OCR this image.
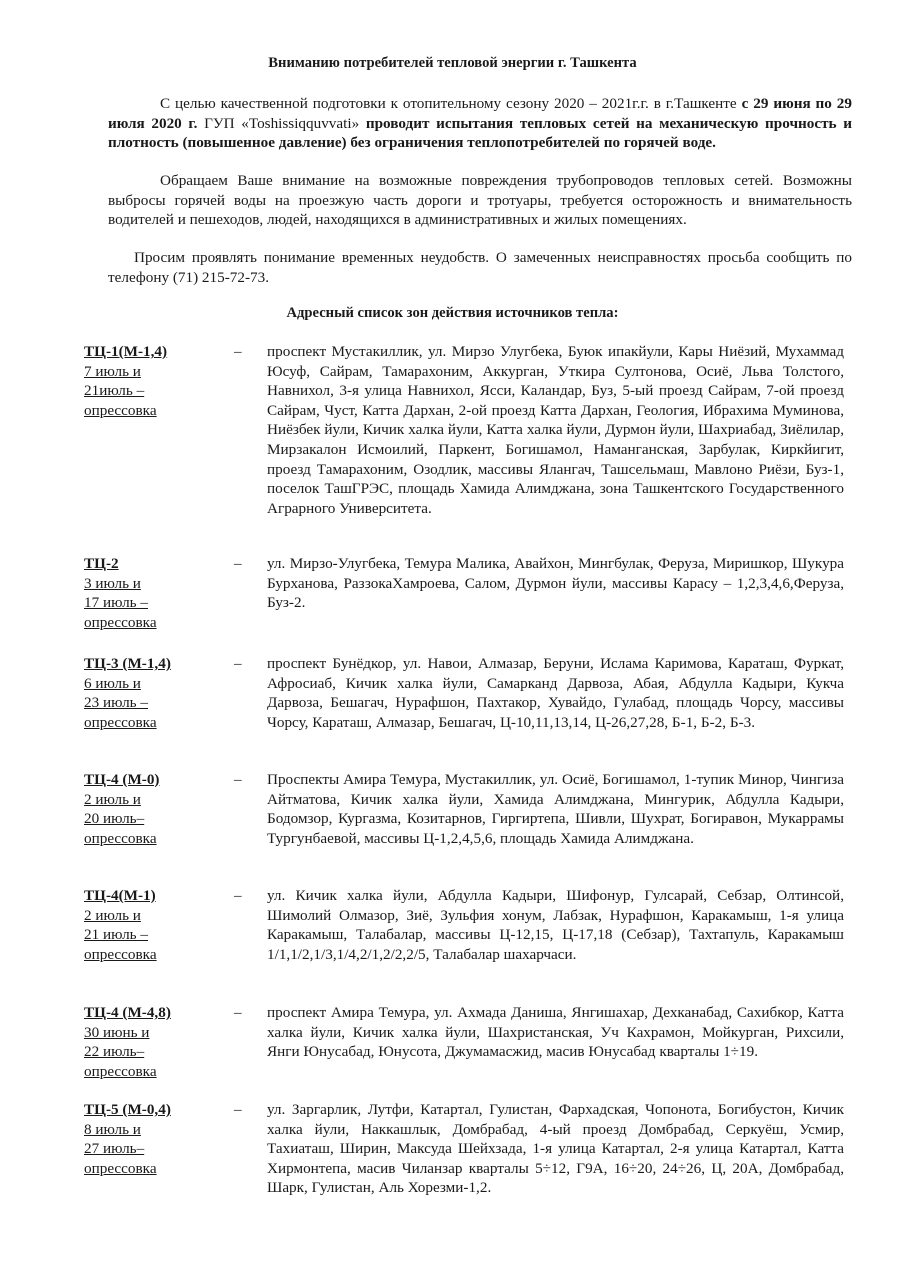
Вниманию потребителей тепловой энергии г. Ташкента

С целью качественной подготовки к отопительному сезону 2020 – 2021г.г. в г.Ташкенте с 29 июня по 29 июля 2020 г. ГУП «Toshissiqquvvati» проводит испытания тепловых сетей на механическую прочность и плотность (повышенное давление) без ограничения теплопотребителей по горячей воде.

Обращаем Ваше внимание на возможные повреждения трубопроводов тепловых сетей. Возможны выбросы горячей воды на проезжую часть дороги и тротуары, требуется осторожность и внимательность водителей и пешеходов, людей, находящихся в административных и жилых помещениях.

Просим проявлять понимание временных неудобств. О замеченных неисправностях просьба сообщить по телефону (71) 215-72-73.

Адресный список зон действия источников тепла:
ТЦ-1(М-1,4)
7 июль и
21июль –
опрессовка
– проспект Мустакиллик, ул. Мирзо Улугбека, Буюк ипакйули, Кары Ниёзий, Мухаммад Юсуф, Сайрам, Тамарахоним, Аккурган, Уткира Султонова, Осиё, Льва Толстого, Навнихол, 3-я улица Навнихол, Ясси, Каландар, Буз, 5-ый проезд Сайрам, 7-ой проезд Сайрам, Чуст, Катта Дархан, 2-ой проезд Катта Дархан, Геология, Ибрахима Муминова, Ниёзбек йули, Кичик халка йули, Катта халка йули, Дурмон йули, Шахриабад, Зиёлилар, Мирзакалон Исмоилий, Паркент, Богишамол, Наманганская, Зарбулак, Киркйигит, проезд Тамарахоним, Озодлик, массивы Ялангач, Ташсельмаш, Мавлоно Риёзи, Буз-1, поселок ТашГРЭС, площадь Хамида Алимджана, зона Ташкентского Государственного Аграрного Университета.
ТЦ-2
3 июль и
17 июль –
опрессовка
– ул. Мирзо-Улугбека, Темура Малика, Авайхон, Мингбулак, Феруза, Миришкор, Шукура Бурханова, РаззокаХамроева, Салом, Дурмон йули, массивы Карасу – 1,2,3,4,6,Феруза, Буз-2.
ТЦ-3 (М-1,4)
6 июль и
23 июль –
опрессовка
– проспект Бунёдкор, ул. Навои, Алмазар, Беруни, Ислама Каримова, Караташ, Фуркат, Афросиаб, Кичик халка йули, Самарканд Дарвоза, Абая, Абдулла Кадыри, Кукча Дарвоза, Бешагач, Нурафшон, Пахтакор, Хувайдо, Гулабад, площадь Чорсу, массивы Чорсу, Караташ, Алмазар, Бешагач, Ц-10,11,13,14, Ц-26,27,28, Б-1, Б-2, Б-3.
ТЦ-4 (М-0)
2 июль и
20 июль–
опрессовка
– Проспекты Амира Темура, Мустакиллик, ул. Осиё, Богишамол, 1-тупик Минор, Чингиза Айтматова, Кичик халка йули, Хамида Алимджана, Мингурик, Абдулла Кадыри, Бодомзор, Кургазма, Козитарнов, Гиргиртепа, Шивли, Шухрат, Богиравон, Мукаррамы Тургунбаевой, массивы Ц-1,2,4,5,6, площадь Хамида Алимджана.
ТЦ-4(М-1)
2 июль и
21 июль –
опрессовка
– ул. Кичик халка йули, Абдулла Кадыри, Шифонур, Гулсарай, Себзар, Олтинсой, Шимолий Олмазор, Зиё, Зульфия хонум, Лабзак, Нурафшон, Каракамыш, 1-я улица Каракамыш, Талабалар, массивы Ц-12,15, Ц-17,18 (Себзар), Тахтапуль, Каракамыш 1/1,1/2,1/3,1/4,2/1,2/2,2/5, Талабалар шахарчаси.
ТЦ-4 (М-4,8)
30 июнь и
22 июль–
опрессовка
– проспект Амира Темура, ул. Ахмада Даниша, Янгишахар, Дехканабад, Сахибкор, Катта халка йули, Кичик халка йули, Шахристанская, Уч Кахрамон, Мойкурган, Рихсили, Янги Юнусабад, Юнусота, Джумамасжид, масив Юнусабад кварталы 1÷19.
ТЦ-5 (М-0,4)
8 июль и
27 июль–
опрессовка
– ул. Заргарлик, Лутфи, Катартал, Гулистан, Фархадская, Чопонота, Богибустон, Кичик халка йули, Наккашлык, Домбрабад, 4-ый проезд Домбрабад, Серкуёш, Усмир, Тахиаташ, Ширин, Максуда Шейхзада, 1-я улица Катартал, 2-я улица Катартал, Катта Хирмонтепа, масив Чиланзар кварталы 5÷12, Г9А, 16÷20, 24÷26, Ц, 20А, Домбрабад, Шарк, Гулистан, Аль Хорезми-1,2.
